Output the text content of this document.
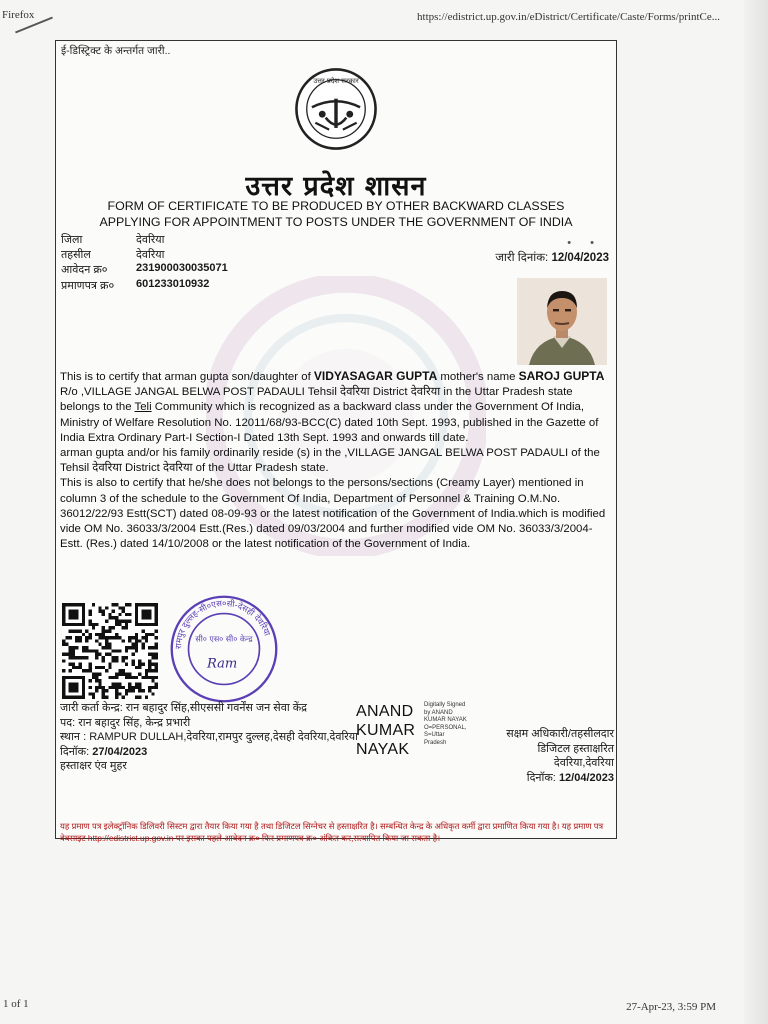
Firefox	https://edistrict.up.gov.in/eDistrict/Certificate/Caste/Forms/printCe...
ई-डिस्ट्रिक्ट के अन्तर्गत जारी..
उत्तर प्रदेश सरकार
उत्तर प्रदेश शासन
FORM OF CERTIFICATE TO BE PRODUCED BY OTHER BACKWARD CLASSES
APPLYING FOR APPOINTMENT TO POSTS UNDER THE GOVERNMENT OF INDIA
जिला	देवरिया
तहसील	देवरिया
आवेदन क्र०	231900030035071
प्रमाणपत्र क्र०	601233010932
• •
जारी दिनांक: 12/04/2023

This is to certify that arman gupta son/daughter of VIDYASAGAR GUPTA mother's name SAROJ GUPTA R/o ,VILLAGE JANGAL BELWA POST PADAULI Tehsil देवरिया District देवरिया in the Uttar Pradesh state belongs to the Teli Community which is recognized as a backward class under the Government Of India, Ministry of Welfare Resolution No. 12011/68/93-BCC(C) dated 10th Sept. 1993, published in the Gazette of India Extra Ordinary Part-I Section-I Dated 13th Sept. 1993 and onwards till date.

arman gupta and/or his family ordinarily reside (s) in the ,VILLAGE JANGAL BELWA POST PADAULI of the Tehsil देवरिया District देवरिया of the Uttar Pradesh state.

This is also to certify that he/she does not belongs to the persons/sections (Creamy Layer) mentioned in column 3 of the schedule to the Government Of India, Department of Personnel & Training O.M.No. 36012/22/93 Estt(SCT) dated 08-09-93 or the latest notification of the Government of India.which is modified vide OM No. 36033/3/2004 Estt.(Res.) dated 09/03/2004 and further modified vide OM No. 36033/3/2004-Estt. (Res.) dated 14/10/2008 or the latest notification of the Government of India.

रामपुर दुल्लह-सी०एस०सी-देसही देवरिया
सी० एस० सी० केन्द्र
Ram
जारी कर्ता केन्द्र: रान बहादुर सिंह,सीएससी गवर्नेंस जन सेवा केंद्र
पद: रान बहादुर सिंह, केन्द्र प्रभारी
स्थान : RAMPUR DULLAH,देवरिया,रामपुर दुल्लह,देसही देवरिया,देवरिया
दिनॉक: 27/04/2023
हस्ताक्षर एंव मुहर
ANAND
KUMAR
NAYAK
Digitally Signed
by ANAND
KUMAR NAYAK
O=PERSONAL,
S=Uttar
Pradesh
सक्षम अधिकारी/तहसीलदार
डिजिटल हस्ताक्षरित
देवरिया,देवरिया
दिनॉक: 12/04/2023
यह प्रमाण पत्र इलेक्ट्रॉनिक डिलिवरी सिस्टम द्वारा तैयार किया गया है तथा डिजिटल सिग्नेचर से हस्ताक्षरित है। सम्बन्धित केन्द्र के अधिकृत कर्मी द्वारा प्रमाणित किया गया है। यह प्रमाण पत्र वेबसाइट http://edistrict.up.gov.in पर इसका पहले आवेदन क्र० फिर प्रमाणपत्र क्र० अंकित कर,सत्यापित किया जा सकता है।
1 of 1	27-Apr-23, 3:59 PM
